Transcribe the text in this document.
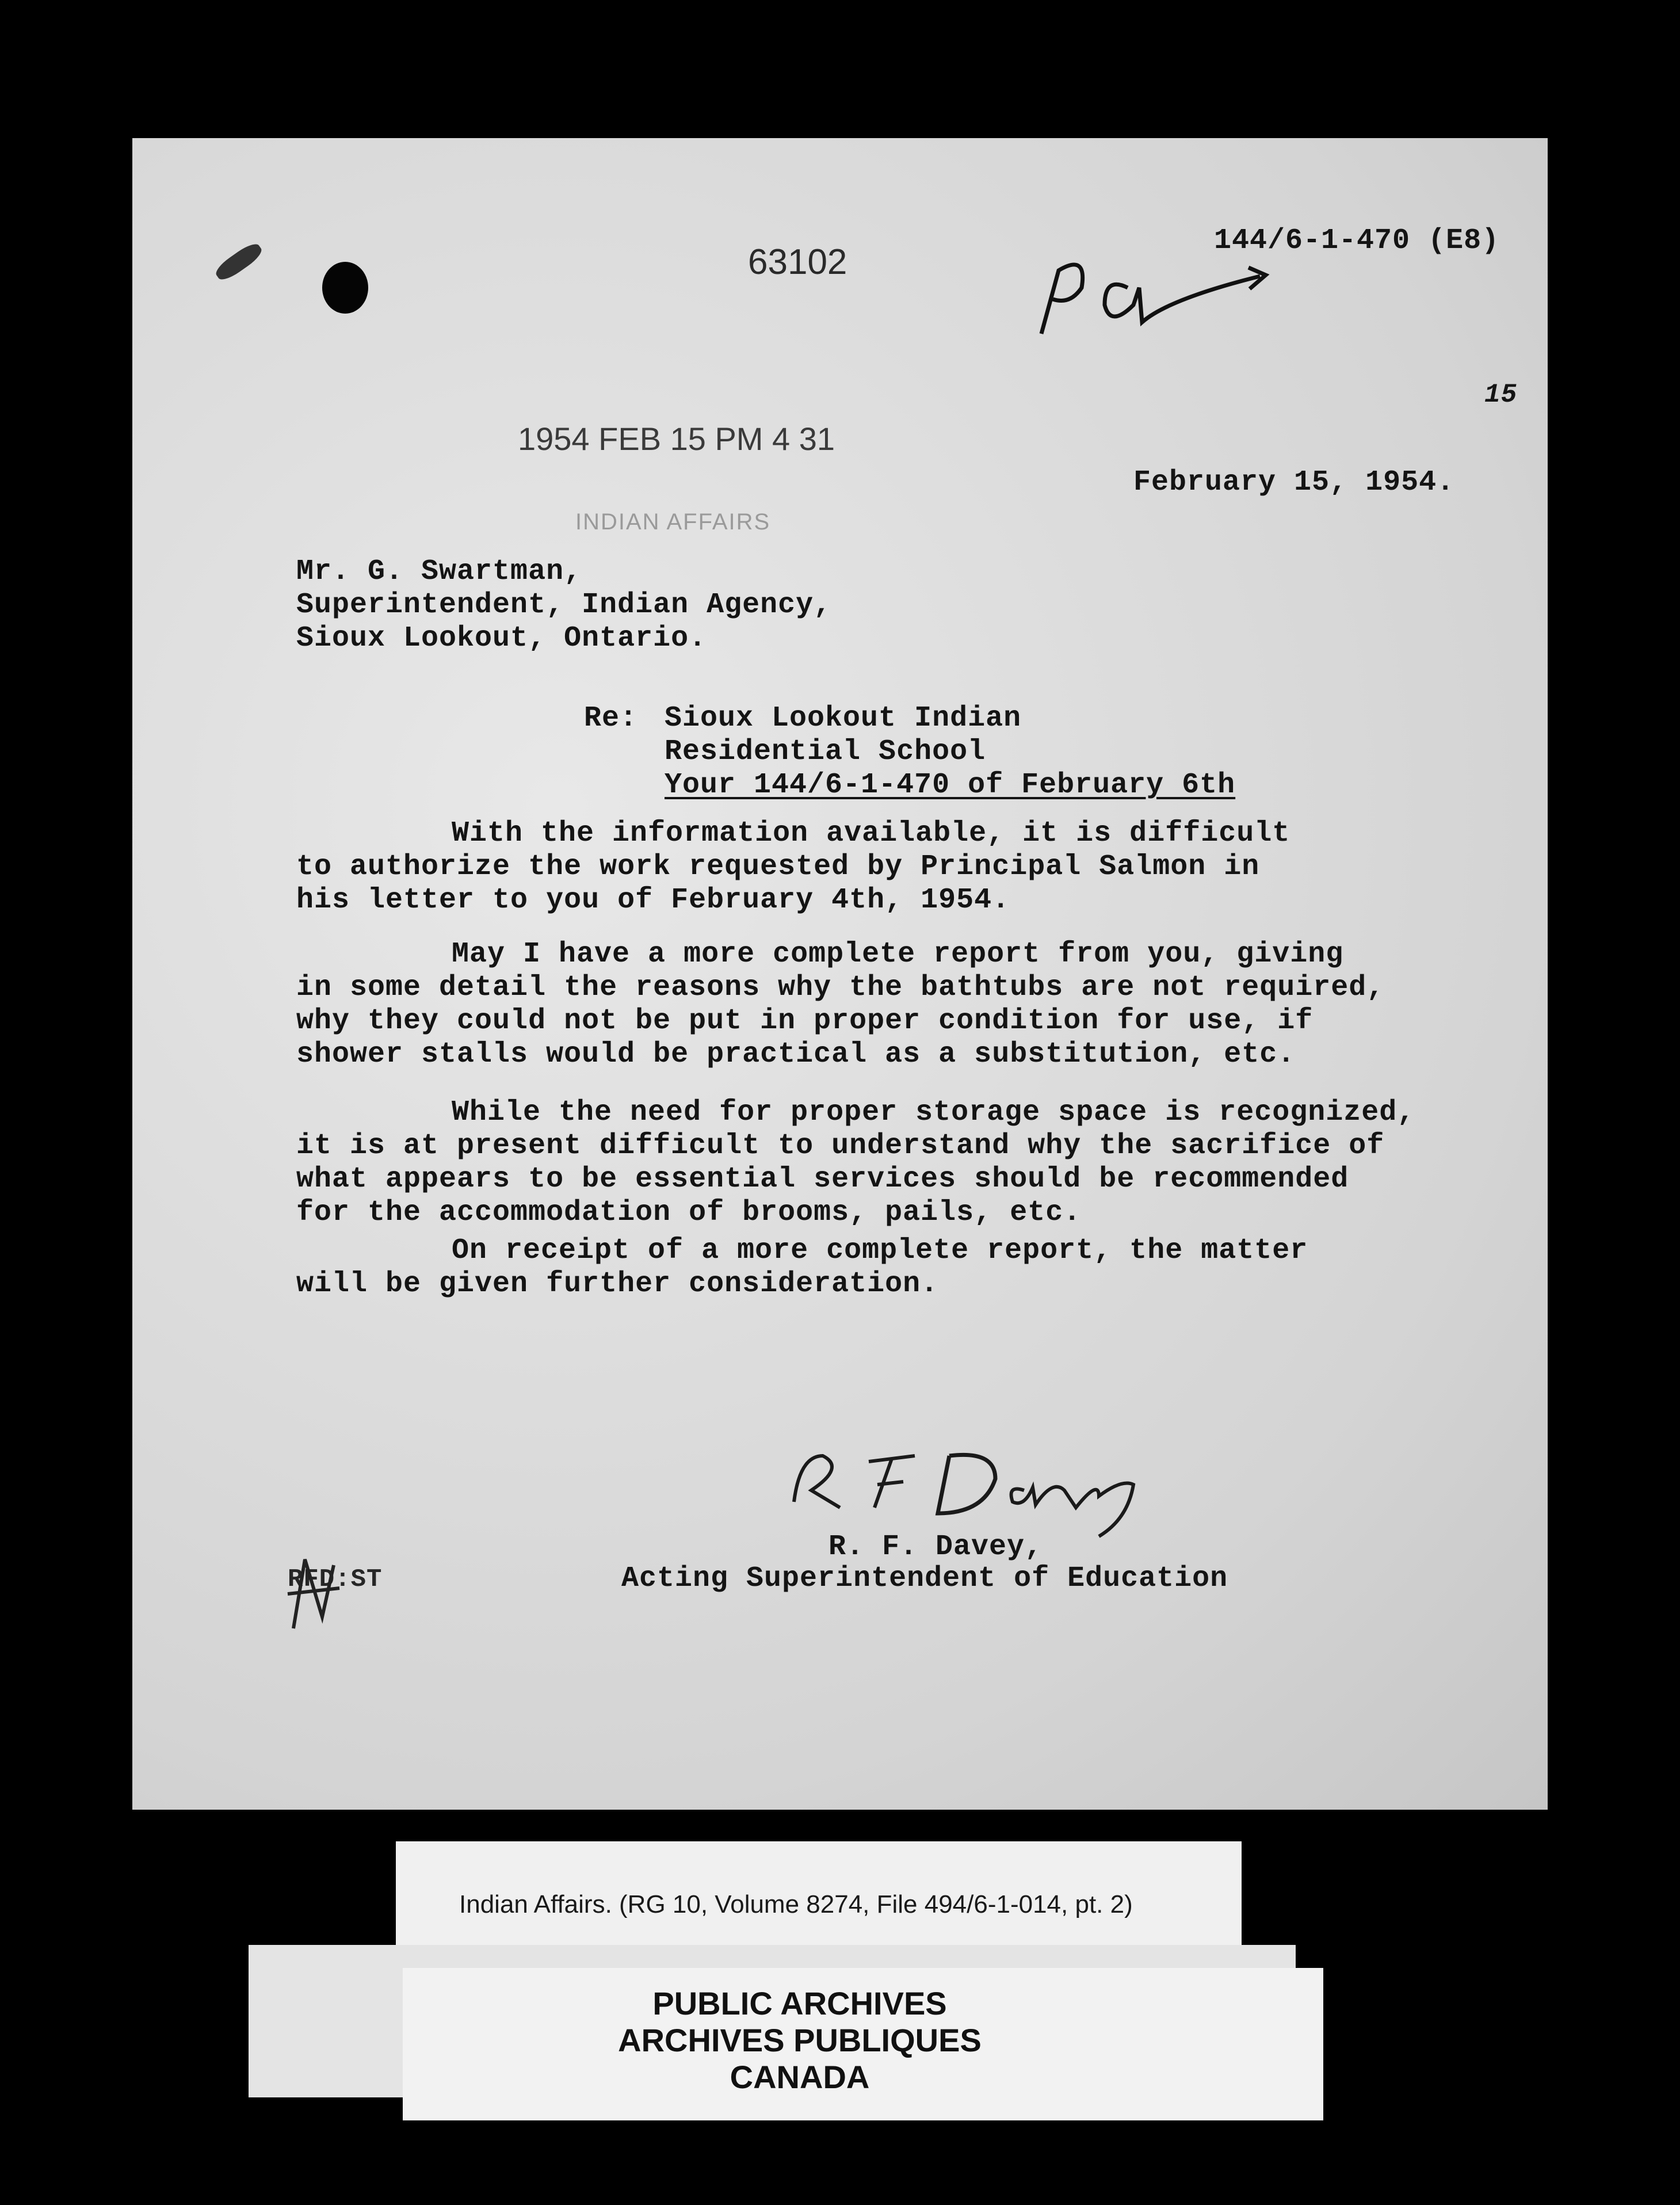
63102
144/6-1-470 (E8)
15
1954 FEB 15 PM 4 31
INDIAN AFFAIRS
February 15, 1954.

Mr. G. Swartman,

Superintendent, Indian Agency,

Sioux Lookout, Ontario.

Re: Sioux Lookout Indian

Residential School

Your 144/6-1-470 of February 6th

With the information available, it is difficult

to authorize the work requested by Principal Salmon in

his letter to you of February 4th, 1954.

May I have a more complete report from you, giving

in some detail the reasons why the bathtubs are not required,

why they could not be put in proper condition for use, if

shower stalls would be practical as a substitution, etc.

While the need for proper storage space is recognized,

it is at present difficult to understand why the sacrifice of

what appears to be essential services should be recommended

for the accommodation of brooms, pails, etc.

On receipt of a more complete report, the matter

will be given further consideration.

R. F. Davey,
Acting Superintendent of Education
RFD:ST
Indian Affairs. (RG 10, Volume 8274, File 494/6-1-014, pt. 2)
PUBLIC ARCHIVES
ARCHIVES PUBLIQUES
CANADA
